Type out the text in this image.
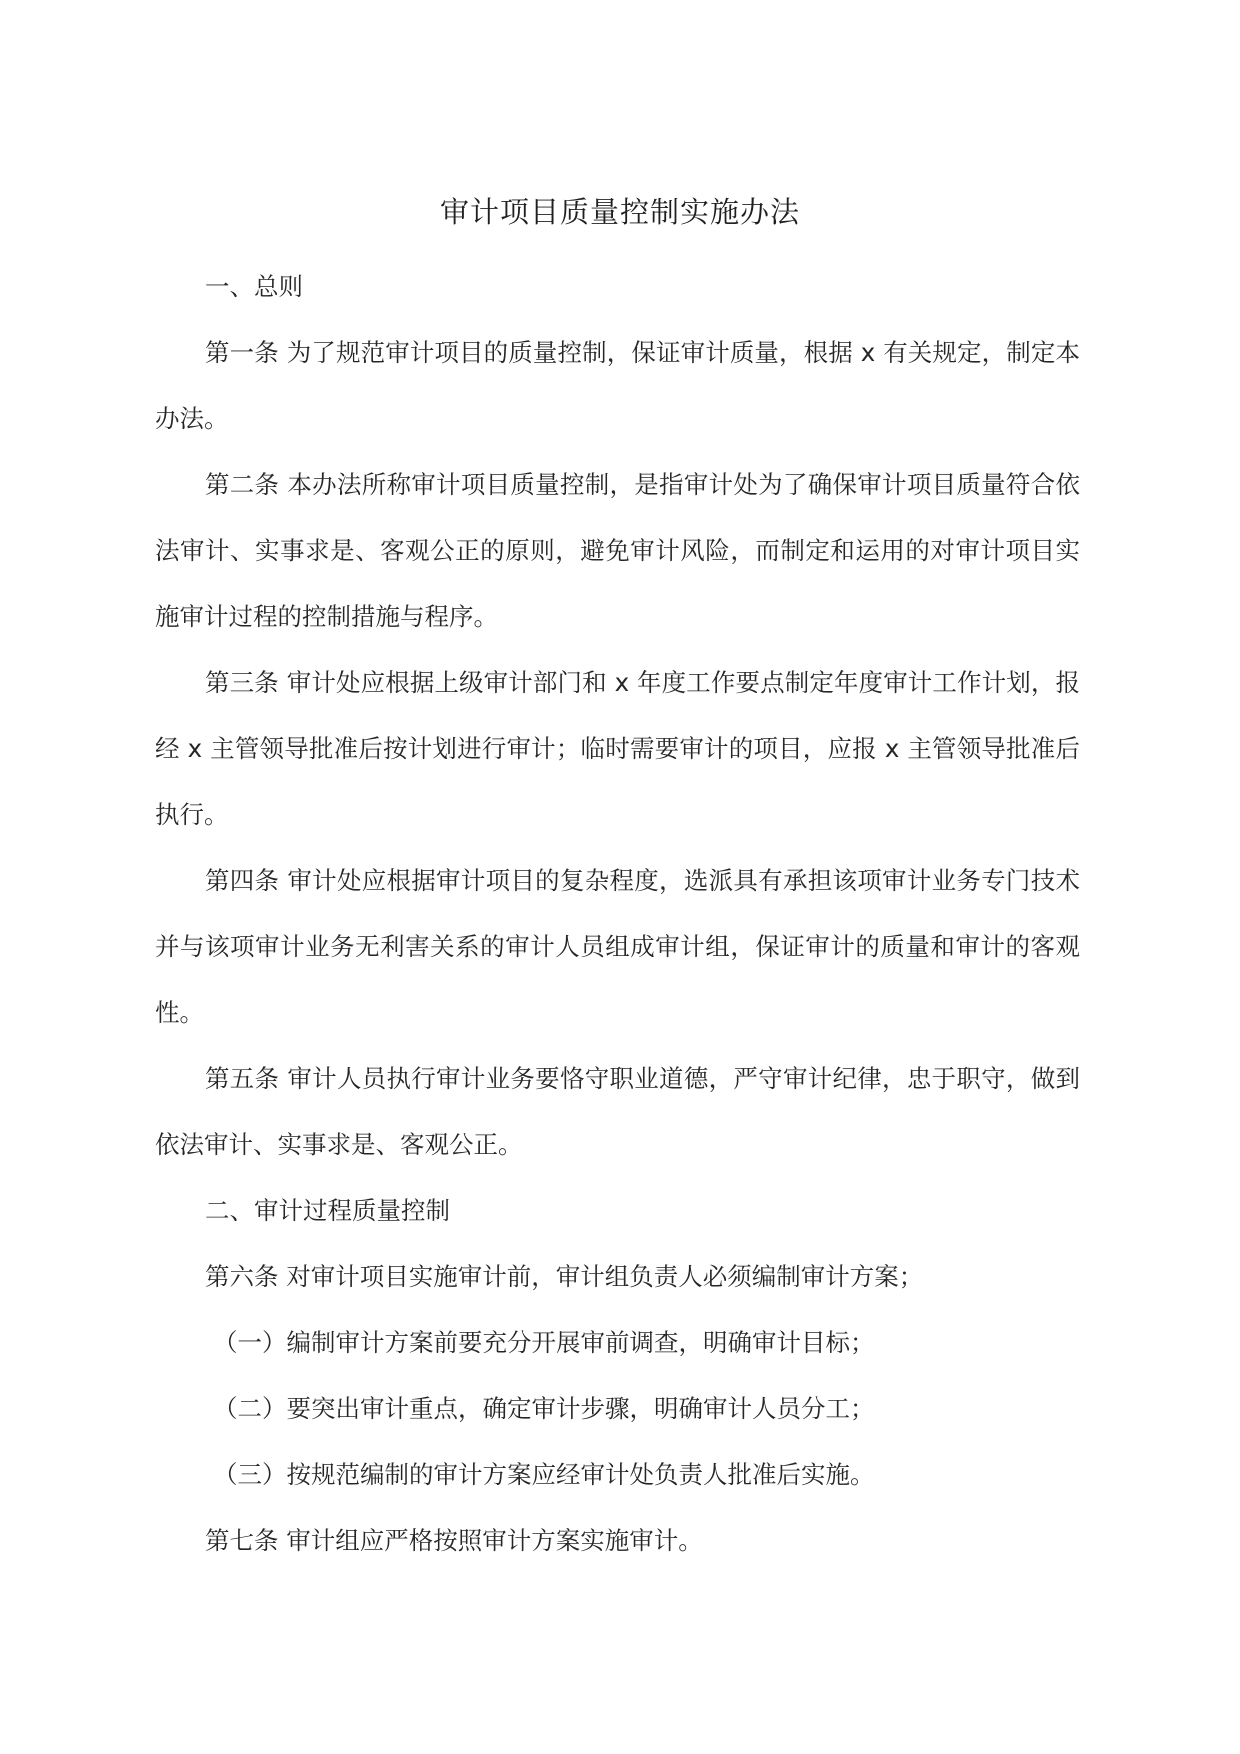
审计项目质量控制实施办法

一、总则

第一条 为了规范审计项目的质量控制，保证审计质量，根据 x 有关规定，制定本办法。

第二条 本办法所称审计项目质量控制，是指审计处为了确保审计项目质量符合依法审计、实事求是、客观公正的原则，避免审计风险，而制定和运用的对审计项目实施审计过程的控制措施与程序。

第三条 审计处应根据上级审计部门和 x 年度工作要点制定年度审计工作计划，报经 x 主管领导批准后按计划进行审计；临时需要审计的项目，应报 x 主管领导批准后执行。

第四条 审计处应根据审计项目的复杂程度，选派具有承担该项审计业务专门技术并与该项审计业务无利害关系的审计人员组成审计组，保证审计的质量和审计的客观性。

第五条 审计人员执行审计业务要恪守职业道德，严守审计纪律，忠于职守，做到依法审计、实事求是、客观公正。

二、审计过程质量控制

第六条 对审计项目实施审计前，审计组负责人必须编制审计方案；

（一）编制审计方案前要充分开展审前调查，明确审计目标；

（二）要突出审计重点，确定审计步骤，明确审计人员分工；

（三）按规范编制的审计方案应经审计处负责人批准后实施。

第七条 审计组应严格按照审计方案实施审计。
